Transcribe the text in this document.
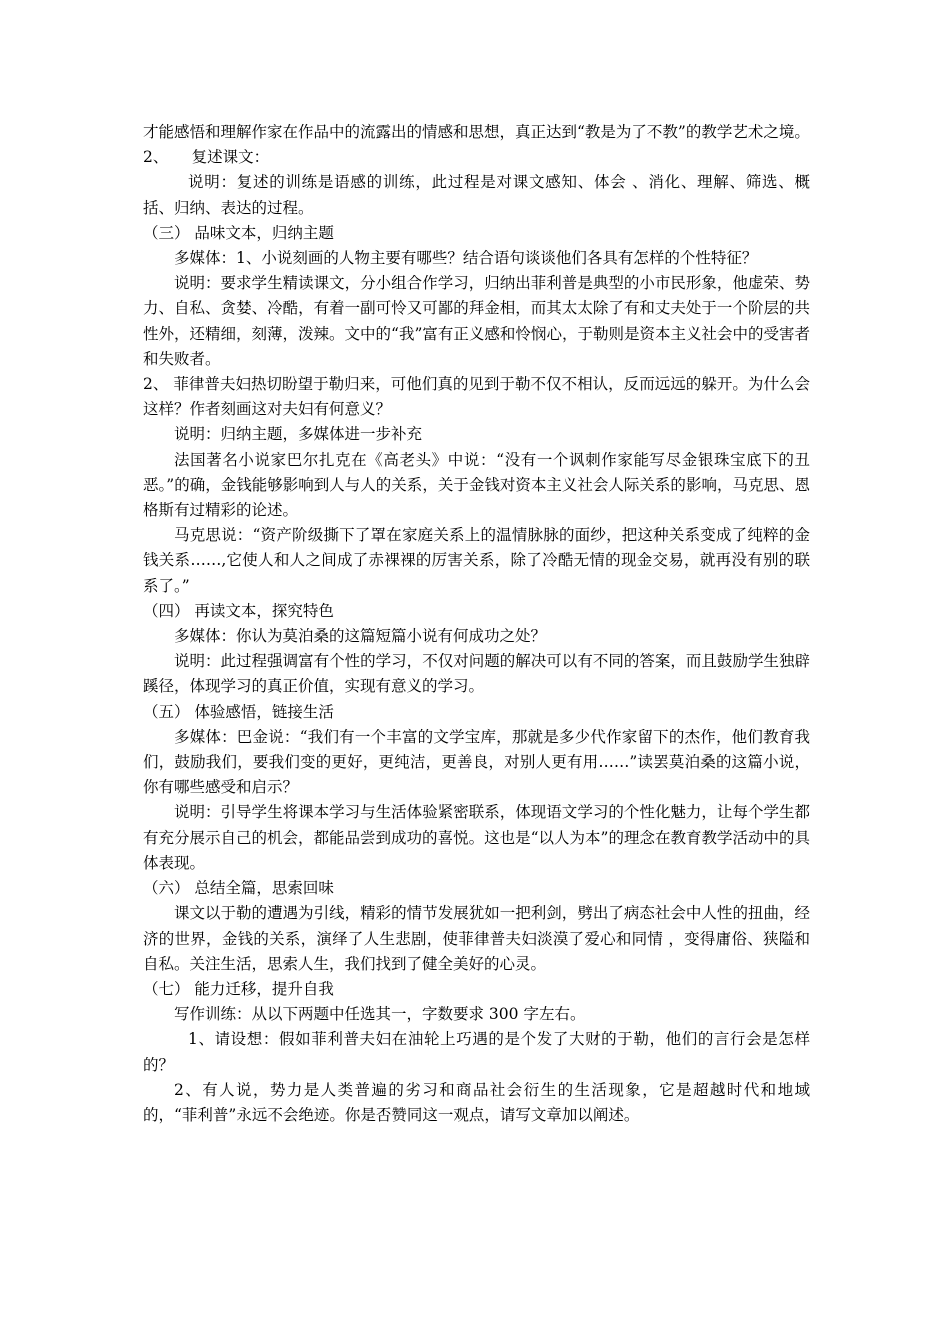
才能感悟和理解作家在作品中的流露出的情感和思想，真正达到“教是为了不教”的教学艺术之境。

2、　　复述课文：

说明：复述的训练是语感的训练，此过程是对课文感知、体会 、消化、理解、筛选、概括、归纳、表达的过程。

（三） 品味文本，归纳主题

多媒体：1、小说刻画的人物主要有哪些？结合语句谈谈他们各具有怎样的个性特征？

说明：要求学生精读课文，分小组合作学习，归纳出菲利普是典型的小市民形象，他虚荣、势力、自私、贪婪、冷酷，有着一副可怜又可鄙的拜金相，而其太太除了有和丈夫处于一个阶层的共性外，还精细，刻薄，泼辣。文中的“我”富有正义感和怜悯心，于勒则是资本主义社会中的受害者和失败者。

2、 菲律普夫妇热切盼望于勒归来，可他们真的见到于勒不仅不相认，反而远远的躲开。为什么会这样？作者刻画这对夫妇有何意义？

说明：归纳主题，多媒体进一步补充

法国著名小说家巴尔扎克在《高老头》中说：“没有一个讽刺作家能写尽金银珠宝底下的丑恶。”的确，金钱能够影响到人与人的关系，关于金钱对资本主义社会人际关系的影响，马克思、恩格斯有过精彩的论述。

马克思说：“资产阶级撕下了罩在家庭关系上的温情脉脉的面纱，把这种关系变成了纯粹的金钱关系……,它使人和人之间成了赤裸裸的厉害关系，除了冷酷无情的现金交易，就再没有别的联系了。”

（四） 再读文本，探究特色

多媒体：你认为莫泊桑的这篇短篇小说有何成功之处？

说明：此过程强调富有个性的学习，不仅对问题的解决可以有不同的答案，而且鼓励学生独辟蹊径，体现学习的真正价值，实现有意义的学习。

（五） 体验感悟，链接生活

多媒体：巴金说：“我们有一个丰富的文学宝库，那就是多少代作家留下的杰作，他们教育我们，鼓励我们，要我们变的更好，更纯洁，更善良，对别人更有用……”读罢莫泊桑的这篇小说，你有哪些感受和启示？

说明：引导学生将课本学习与生活体验紧密联系，体现语文学习的个性化魅力，让每个学生都有充分展示自己的机会，都能品尝到成功的喜悦。这也是“以人为本”的理念在教育教学活动中的具体表现。

（六） 总结全篇，思索回味

课文以于勒的遭遇为引线，精彩的情节发展犹如一把利剑，劈出了病态社会中人性的扭曲，经济的世界，金钱的关系，演绎了人生悲剧，使菲律普夫妇淡漠了爱心和同情 ，变得庸俗、狭隘和自私。关注生活，思索人生，我们找到了健全美好的心灵。

（七） 能力迁移，提升自我

写作训练：从以下两题中任选其一，字数要求 300 字左右。

1、请设想：假如菲利普夫妇在油轮上巧遇的是个发了大财的于勒，他们的言行会是怎样的？

2、有人说，势力是人类普遍的劣习和商品社会衍生的生活现象，它是超越时代和地域的，“菲利普”永远不会绝迹。你是否赞同这一观点，请写文章加以阐述。
